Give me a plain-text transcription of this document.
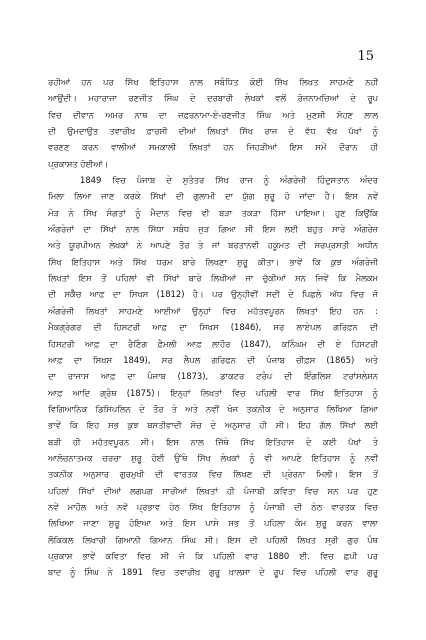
15
ਰਹੀਆਂ ਹਨ ਪਰ ਸਿੱਖ ਇਤਿਹਾਸ ਨਾਲ ਸਬੰਧਿਤ ਕੋਈ ਸਿੱਖ ਲਿਖਤ ਸਾਹਮਣੇ ਨਹੀਂ
ਆਉਂਦੀ। ਮਹਾਰਾਜਾ ਰਣਜੀਤ ਸਿੰਘ ਦੇ ਦਰਬਾਰੀ ਲੇਖਕਾਂ ਵਲੋਂ ਰੋਜ਼ਨਾਮਚਿਆਂ ਦੇ ਰੂਪ
ਵਿਚ ਦੀਵਾਨ ਅਮਰ ਨਾਥ ਦਾ ਜ਼ਫ਼ਰਨਾਮਾ-ਏ-ਰਣਜੀਤ ਸਿੰਘ ਅਤੇ ਮੁਣਸ਼ੀ ਸੋਹਣ ਲਾਲ
ਦੀ ਉਮਦਾਉਤ ਤਵਾਰੀਖ਼ ਫ਼ਾਰਸੀ ਦੀਆਂ ਲਿਖਤਾਂ ਸਿੱਖ ਰਾਜ ਦੇ ਵੱਧ ਵੱਖ ਪੱਖਾਂ ਨੂੰ
ਵਰਣਣ ਕਰਨ ਵਾਲੀਆਂ ਸਮਕਾਲੀ ਲਿਖਤਾਂ ਹਨ ਜਿਹੜੀਆਂ ਇਸ ਸਮੇਂ ਦੌਰਾਨ ਹੀ
ਪ੍ਰਕਾਸ਼ਤ ਹੋਈਆਂ।
1849 ਵਿਚ ਪੰਜਾਬ ਦੇ ਸੁਤੰਤਰ ਸਿੱਖ ਰਾਜ ਨੂੰ ਅੰਗਰੇਜ਼ੀ ਹਿੰਦੁਸਤਾਨ ਅੰਦਰ
ਮਿਲਾ ਲਿਆ ਜਾਣ ਕਰਕੇ ਸਿੱਖਾਂ ਦੀ ਗੁਲਾਮੀ ਦਾ ਯੁੱਗ ਸ਼ੁਰੂ ਹੋ ਜਾਂਦਾ ਹੈ। ਇਸ ਨਵੇਂ
ਮੋੜ ਨੇ ਸਿੱਖ ਸੰਗਤਾਂ ਨੂੰ ਮੈਦਾਨ ਵਿਚ ਵੀ ਬੜਾ ਤਕੜਾ ਹਿੱਸਾ ਪਾਇਆ। ਹੁਣ ਕਿਉਂਕਿ
ਅੰਗਰੇਜ਼ਾਂ ਦਾ ਸਿੱਖਾਂ ਨਾਲ ਸਿੱਧਾ ਸਬੰਧ ਜੁੜ ਗਿਆ ਸੀ ਇਸ ਲਈ ਬਹੁਤ ਸਾਰੇ ਅੰਗਰੇਜ਼
ਅਤੇ ਯੂਰਪੀਅਨ ਲੇਖਕਾਂ ਨੇ ਆਪਣੇ ਤੌਰ ਤੇ ਜਾਂ ਬਰਤਾਨਵੀ ਹਕੂਮਤ ਦੀ ਸਰਪ੍ਰਸਤੀ ਅਧੀਨ
ਸਿੱਖ ਇਤਿਹਾਸ ਅਤੇ ਸਿੱਖ ਧਰਮ ਬਾਰੇ ਲਿਖਣਾ ਸ਼ੁਰੂ ਕੀਤਾ। ਭਾਵੇਂ ਕਿ ਕੁਝ ਅੰਗਰੇਜ਼ੀ
ਲਿਖਤਾਂ ਇਸ ਤੋਂ ਪਹਿਲਾਂ ਵੀ ਸਿੱਖਾਂ ਬਾਰੇ ਲਿਖੀਆਂ ਜਾ ਚੁੱਕੀਆਂ ਸਨ ਜਿਵੇਂ ਕਿ ਮੈਲਕਮ
ਦੀ ਸਕੈੱਚ ਆਫ਼ ਦਾ ਸਿਖਸ (1812) ਹੈ। ਪਰ ਉਨ੍ਹੀਵੀਂ ਸਦੀ ਦੇ ਪਿਛਲੇ ਅੱਧ ਵਿਚ ਜੋ
ਅੰਗਰੇਜ਼ੀ ਲਿਖਤਾਂ ਸਾਹਮਣੇ ਆਈਆਂ ਉਨ੍ਹਾਂ ਵਿਚ ਮਹੱਤਵਪੂਰਨ ਲਿਖਤਾਂ ਇਹ ਹਨ :
ਮੈਕਗ੍ਰੇਗਰ ਦੀ ਹਿਸਟਰੀ ਆਫ਼ ਦਾ ਸਿਖਸ (1846), ਸਰ ਲਾਏਪਲ ਗਰਿਫ਼ਨ ਦੀ
ਹਿਸਟਰੀ ਆਫ਼ ਦਾ ਰੈਣਿੰਗ ਫ਼ੈਮਲੀ ਆਫ਼ ਲਾਹੌਰ (1847), ਕਨਿੰਘਮ ਦੀ ਏ ਹਿਸਟਰੀ
ਆਫ਼ ਦਾ ਸਿਖਸ 1849), ਸਰ ਲੈਪਲ ਗਰਿਫਨ ਦੀ ਪੰਜਾਬ ਚੀਫ਼ਸ (1865) ਅਤੇ
ਦਾ ਰਾਜਾਸ ਆਫ਼ ਦਾ ਪੰਜਾਬ (1873), ਡਾਕਟਰ ਟਰੰਪ ਦੀ ਇੰਗਲਿਸ਼ ਟਰਾਂਸਲੇਸ਼ਨ
ਆਫ਼ ਆਦਿ ਗ੍ਰੰਥ (1875)। ਇਨ੍ਹਾਂ ਲਿਖਤਾਂ ਵਿਚ ਪਹਿਲੀ ਵਾਰ ਸਿੱਖ ਇਤਿਹਾਸ ਨੂੰ
ਵਿਗਿਆਨਿਕ ਡਿਸਿਪਲਿਨ ਦੇ ਤੌਰ ਤੇ ਅਤੇ ਨਵੀਂ ਖੋਜ ਤਕਨੀਕ ਦੇ ਅਨੁਸਾਰ ਲਿਖਿਆ ਗਿਆ
ਭਾਵੇਂ ਕਿ ਇਹ ਸਭ ਕੁਝ ਬਸਤੀਵਾਦੀ ਸੋਚ ਦੇ ਅਨੁਸਾਰ ਹੀ ਸੀ। ਇਹ ਗੱਲ ਸਿੱਖਾਂ ਲਈ
ਬੜੀ ਹੀ ਮਹੱਤਵਪੂਰਨ ਸੀ। ਇਸ ਨਾਲ ਜਿੱਥੇ ਸਿੱਖ ਇਤਿਹਾਸ ਦੇ ਕਈ ਪੱਖਾਂ ਤੇ
ਆਲੋਚਨਾਤਮਕ ਚਰਚਾ ਸ਼ੁਰੂ ਹੋਈ ਉੱਥੇ ਸਿੱਖ ਲੇਖਕਾਂ ਨੂੰ ਵੀ ਆਪਣੇ ਇਤਿਹਾਸ ਨੂੰ ਨਵੀਂ
ਤਕਨੀਕ ਅਨੁਸਾਰ ਗੁਰਮੁਖੀ ਦੀ ਵਾਰਤਕ ਵਿਚ ਲਿਖਣ ਦੀ ਪ੍ਰੇਰਨਾ ਮਿਲੀ। ਇਸ ਤੋਂ
ਪਹਿਲਾਂ ਸਿੱਖਾਂ ਦੀਆਂ ਲਗਪਗ ਸਾਰੀਆਂ ਲਿਖਤਾਂ ਹੀ ਪੰਜਾਬੀ ਕਵਿਤਾ ਵਿਚ ਸਨ ਪਰ ਹੁਣ
ਨਵੇਂ ਮਾਹੌਲ ਅਤੇ ਨਵੇਂ ਪ੍ਰਭਾਵ ਹੇਠ ਸਿੱਖ ਇਤਿਹਾਸ ਨੂੰ ਪੰਜਾਬੀ ਦੀ ਠੇਠ ਵਾਰਤਕ ਵਿਚ
ਲਿਖਿਆ ਜਾਣਾ ਸ਼ੁਰੂ ਹੋਇਆ ਅਤੇ ਇਸ ਪਾਸੇ ਸਭ ਤੋਂ ਪਹਿਲਾ ਕੰਮ ਸ਼ੁਰੂ ਕਰਨ ਵਾਲਾ
ਲੌਕਿਕਲ ਲਿਖਾਰੀ ਗਿਆਨੀ ਗਿਆਨ ਸਿੰਘ ਸੀ। ਇਸ ਦੀ ਪਹਿਲੀ ਲਿਖਤ ਸ੍ਰੀ ਗੁਰ ਪੰਥ
ਪ੍ਰਕਾਸ਼ ਭਾਵੇਂ ਕਵਿਤਾ ਵਿਚ ਸੀ ਜੋ ਕਿ ਪਹਿਲੀ ਵਾਰ 1880 ਈ. ਵਿਚ ਛਪੀ ਪਰ
ਬਾਦ ਨੂੰ ਸਿੰਘ ਨੇ 1891 ਵਿਚ ਤਵਾਰੀਖ਼ ਗੁਰੂ ਖ਼ਾਲਸਾ ਦੇ ਰੂਪ ਵਿਚ ਪਹਿਲੀ ਵਾਰ ਗੁਰੂ
